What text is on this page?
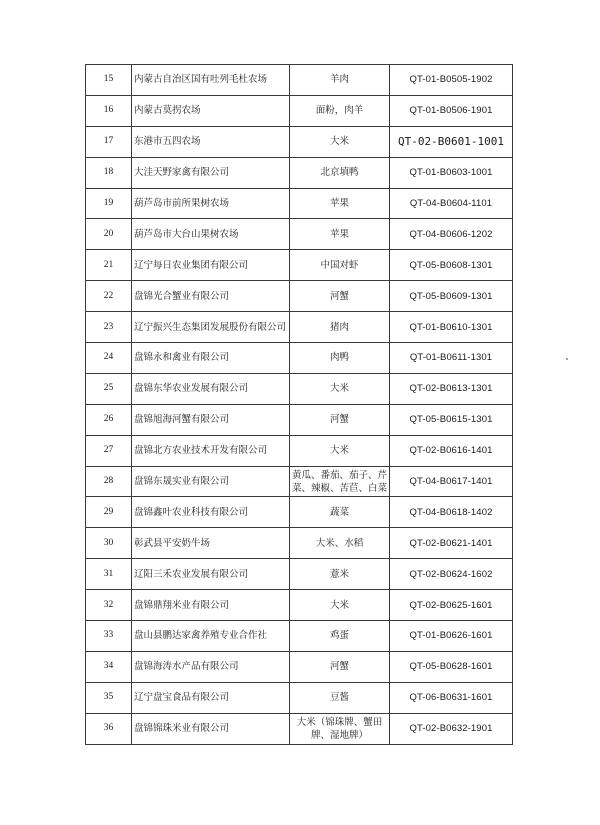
15	内蒙古自治区国有吐列毛杜农场	羊肉	QT-01-B0505-1902
16	内蒙古莫拐农场	面粉，肉羊	QT-01-B0506-1901
17	东港市五四农场	大米	QT-02-B0601-1001
18	大洼天野家禽有限公司	北京填鸭	QT-01-B0603-1001
19	葫芦岛市前所果树农场	苹果	QT-04-B0604-1101
20	葫芦岛市大台山果树农场	苹果	QT-04-B0606-1202
21	辽宁每日农业集团有限公司	中国对虾	QT-05-B0608-1301
22	盘锦光合蟹业有限公司	河蟹	QT-05-B0609-1301
23	辽宁振兴生态集团发展股份有限公司	猪肉	QT-01-B0610-1301
24	盘锦永和禽业有限公司	肉鸭	QT-01-B0611-1301
25	盘锦东华农业发展有限公司	大米	QT-02-B0613-1301
26	盘锦旭海河蟹有限公司	河蟹	QT-05-B0615-1301
27	盘锦北方农业技术开发有限公司	大米	QT-02-B0616-1401
28	盘锦东晟实业有限公司	黄瓜、番茄、茄子、芹菜、辣椒、苦苣、白菜	QT-04-B0617-1401
29	盘锦鑫叶农业科技有限公司	蔬菜	QT-04-B0618-1402
30	彰武县平安奶牛场	大米、水稻	QT-02-B0621-1401
31	辽阳三禾农业发展有限公司	薏米	QT-02-B0624-1602
32	盘锦鼎翔米业有限公司	大米	QT-02-B0625-1601
33	盘山县鹏达家禽养殖专业合作社	鸡蛋	QT-01-B0626-1601
34	盘锦海涛水产品有限公司	河蟹	QT-05-B0628-1601
35	辽宁盘宝食品有限公司	豆酱	QT-06-B0631-1601
36	盘锦锦珠米业有限公司	大米（锦珠牌、蟹田牌、湿地牌）	QT-02-B0632-1901
